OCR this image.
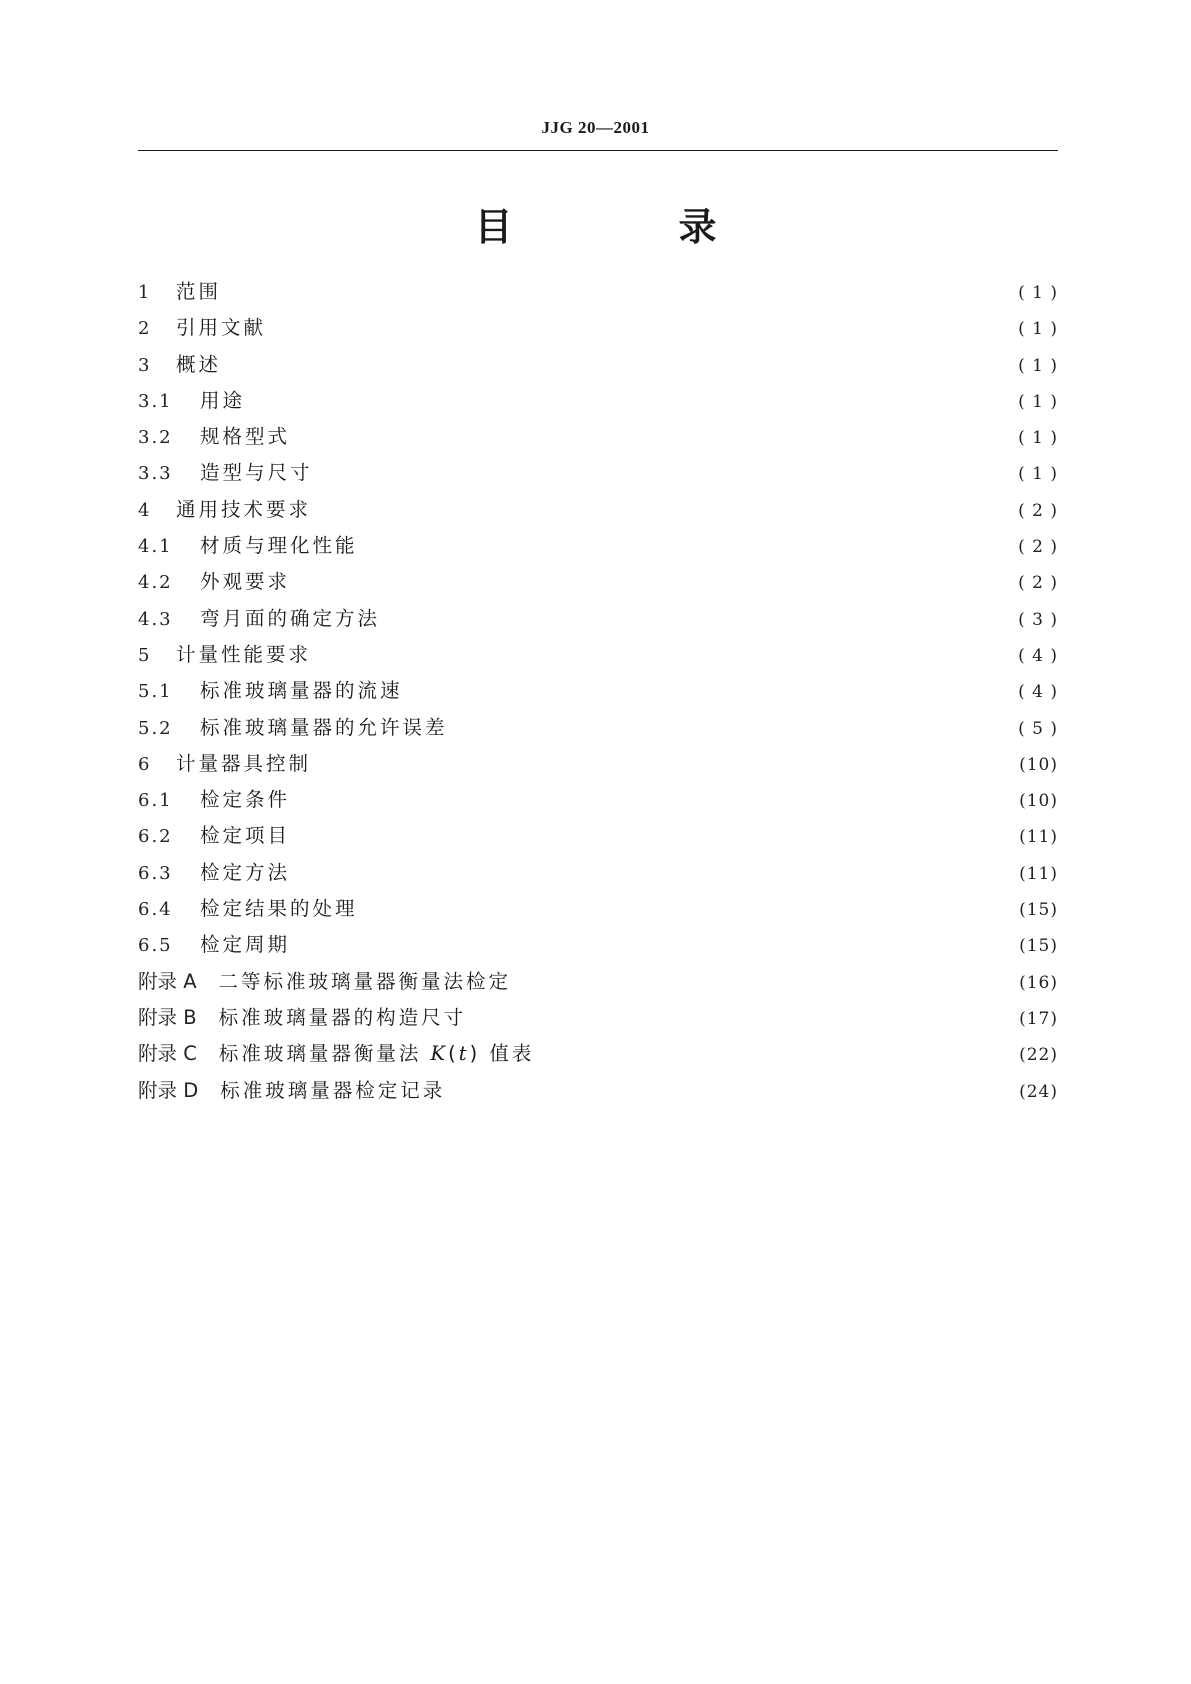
JJG 20—2001
目　录
1	范围	( 1 )
2	引用文献	( 1 )
3	概述	( 1 )
3.1	用途	( 1 )
3.2	规格型式	( 1 )
3.3	造型与尺寸	( 1 )
4	通用技术要求	( 2 )
4.1	材质与理化性能	( 2 )
4.2	外观要求	( 2 )
4.3	弯月面的确定方法	( 3 )
5	计量性能要求	( 4 )
5.1	标准玻璃量器的流速	( 4 )
5.2	标准玻璃量器的允许误差	( 5 )
6	计量器具控制	(10)
6.1	检定条件	(10)
6.2	检定项目	(11)
6.3	检定方法	(11)
6.4	检定结果的处理	(15)
6.5	检定周期	(15)
附录 A 二等标准玻璃量器衡量法检定	(16)
附录 B 标准玻璃量器的构造尺寸	(17)
附录 C 标准玻璃量器衡量法 K(t) 值表	(22)
附录 D 标准玻璃量器检定记录	(24)
